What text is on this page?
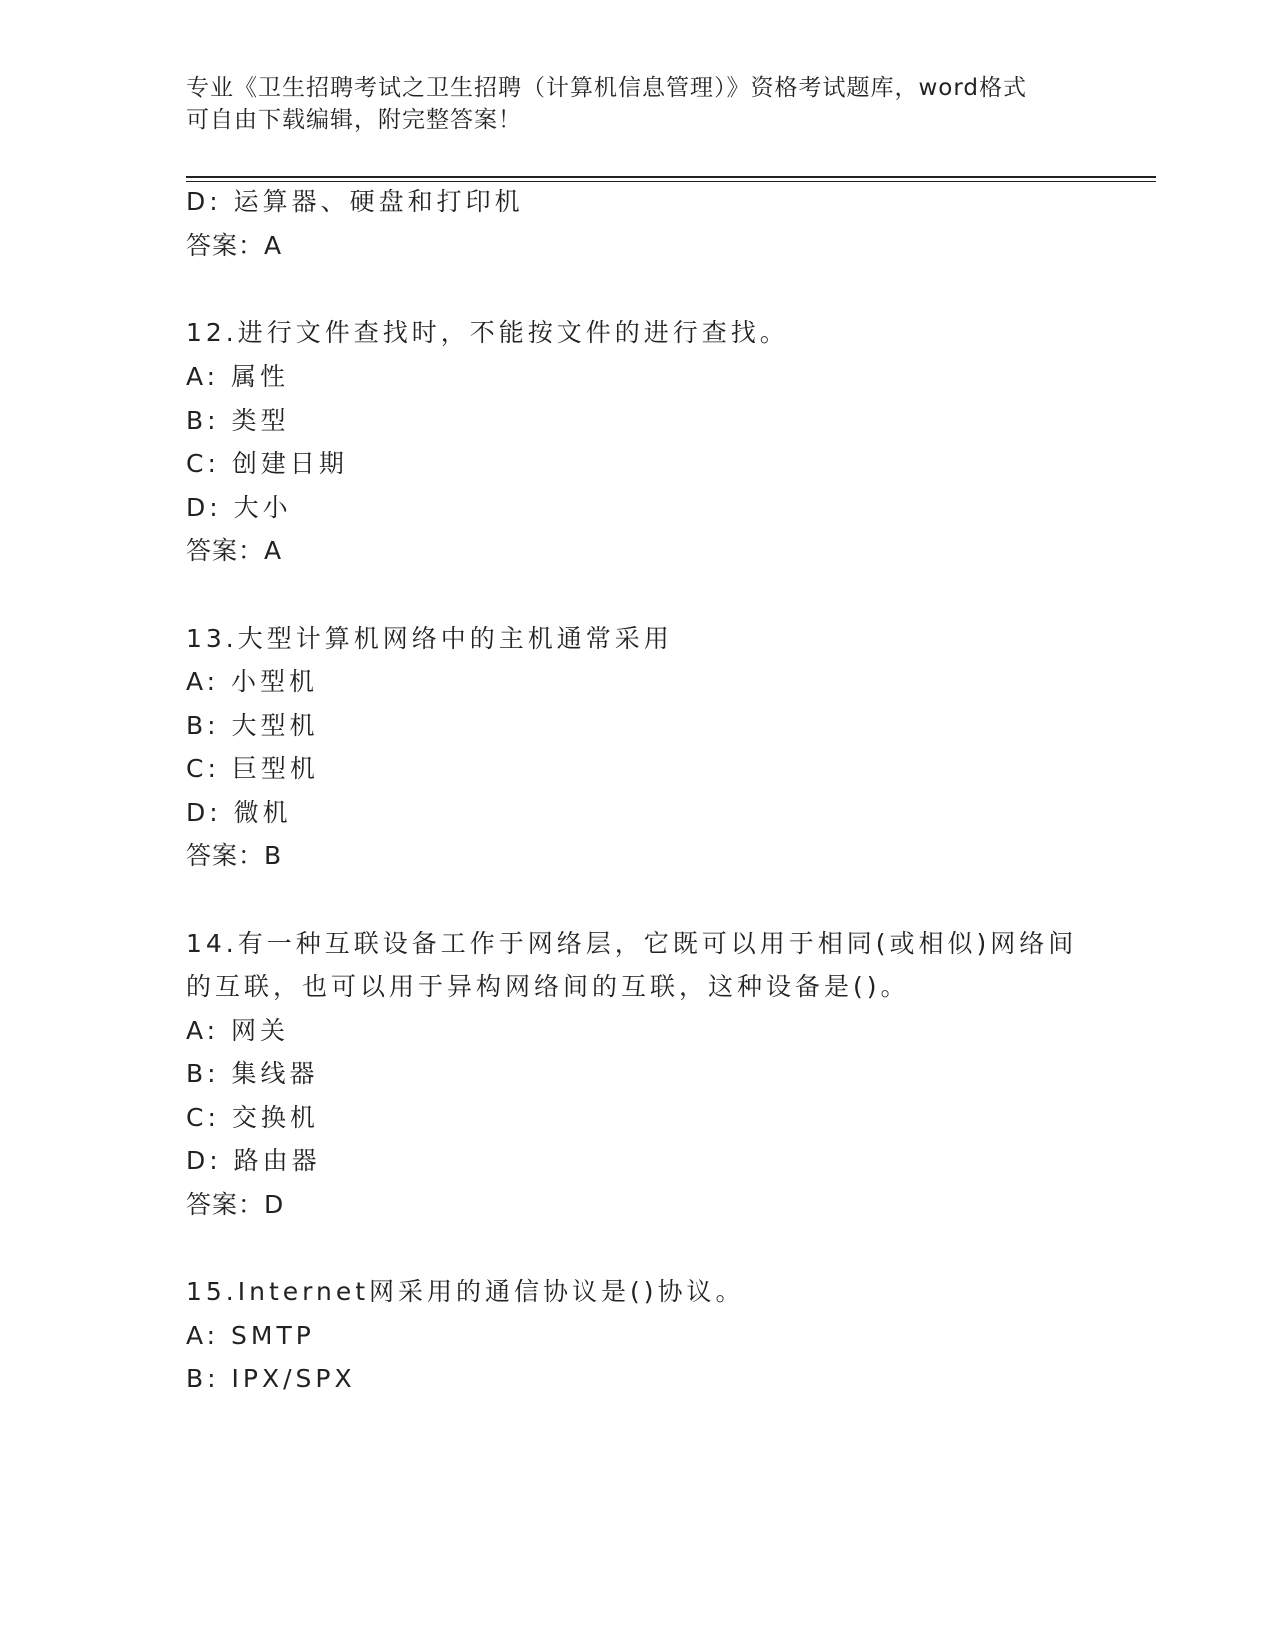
专业《卫生招聘考试之卫生招聘（计算机信息管理）》资格考试题库，word格式
可自由下载编辑，附完整答案！
D: 运算器、硬盘和打印机
答案：A
12.进行文件查找时，不能按文件的进行查找。
A: 属性
B: 类型
C: 创建日期
D: 大小
答案：A
13.大型计算机网络中的主机通常采用
A: 小型机
B: 大型机
C: 巨型机
D: 微机
答案：B
14.有一种互联设备工作于网络层，它既可以用于相同(或相似)网络间
的互联，也可以用于异构网络间的互联，这种设备是()。
A: 网关
B: 集线器
C: 交换机
D: 路由器
答案：D
15.Internet网采用的通信协议是()协议。
A: SMTP
B: IPX/SPX
